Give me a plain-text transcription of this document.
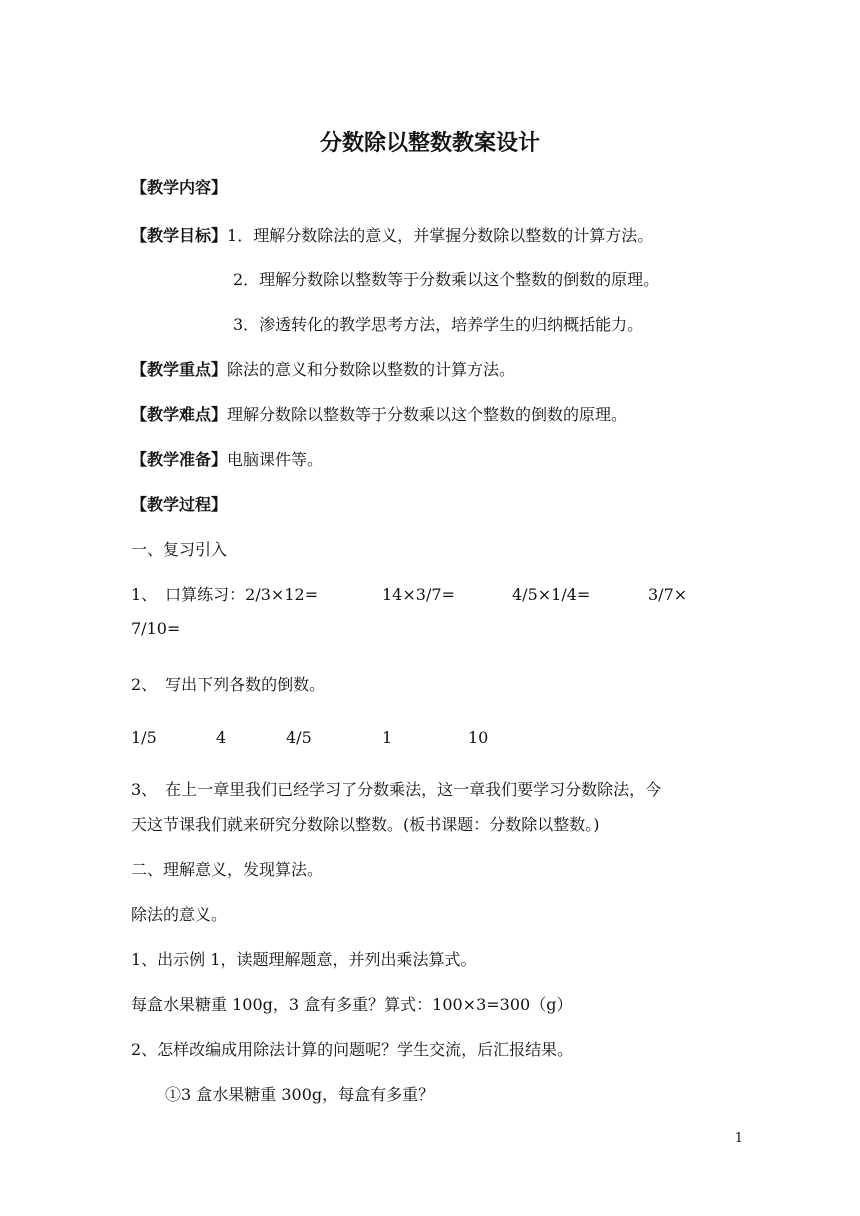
分数除以整数教案设计
【教学内容】
【教学目标】1．理解分数除法的意义，并掌握分数除以整数的计算方法。
2．理解分数除以整数等于分数乘以这个整数的倒数的原理。
3．渗透转化的教学思考方法，培养学生的归纳概括能力。
【教学重点】除法的意义和分数除以整数的计算方法。
【教学难点】理解分数除以整数等于分数乘以这个整数的倒数的原理。
【教学准备】电脑课件等。
【教学过程】
一、复习引入
1、　口算练习：2/3×12=	14×3/7=	4/5×1/4=	3/7×
7/10=
2、　写出下列各数的倒数。
1/5	4	4/5	1	10
3、　在上一章里我们已经学习了分数乘法，这一章我们要学习分数除法，今
天这节课我们就来研究分数除以整数。(板书课题：分数除以整数。)
二、理解意义，发现算法。
除法的意义。
1、出示例 1，读题理解题意，并列出乘法算式。
每盒水果糖重 100g，3 盒有多重？算式：100×3=300（g）
2、怎样改编成用除法计算的问题呢？学生交流，后汇报结果。
①3 盒水果糖重 300g，每盒有多重？
1
